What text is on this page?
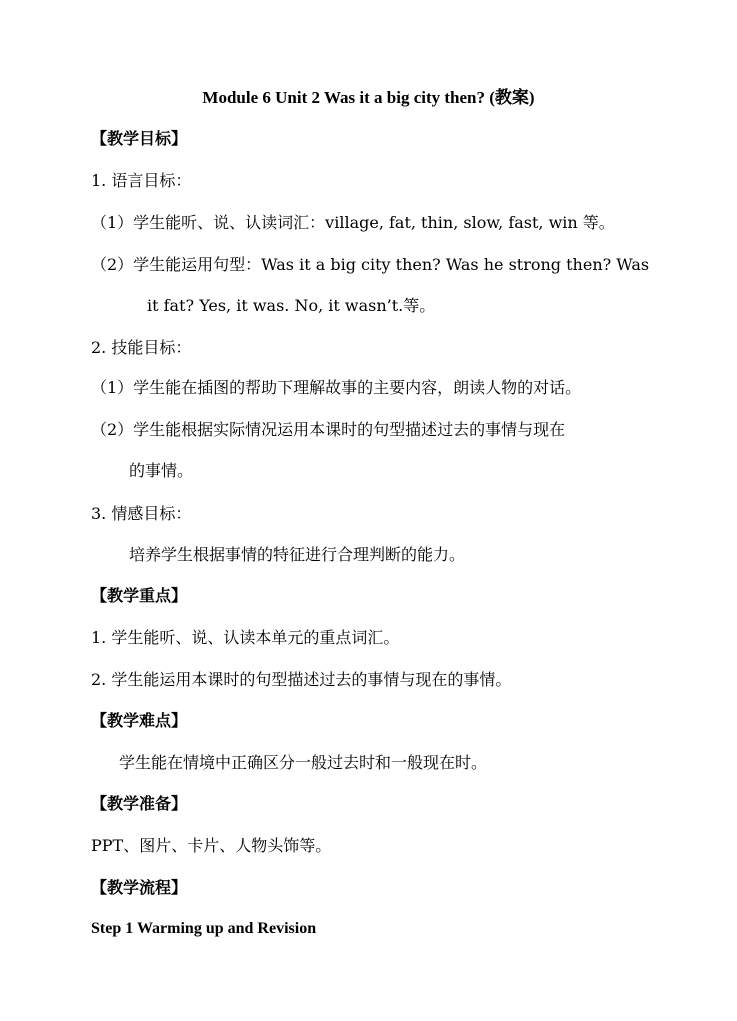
Module 6 Unit 2 Was it a big city then? (教案)
【教学目标】
1. 语言目标：
（1）学生能听、说、认读词汇：village, fat, thin, slow, fast, win 等。
（2）学生能运用句型：Was it a big city then? Was he strong then? Was
it fat? Yes, it was. No, it wasn’t.等。
2. 技能目标：
（1）学生能在插图的帮助下理解故事的主要内容，朗读人物的对话。
（2）学生能根据实际情况运用本课时的句型描述过去的事情与现在
的事情。
3. 情感目标：
培养学生根据事情的特征进行合理判断的能力。
【教学重点】
1. 学生能听、说、认读本单元的重点词汇。
2. 学生能运用本课时的句型描述过去的事情与现在的事情。
【教学难点】
学生能在情境中正确区分一般过去时和一般现在时。
【教学准备】
PPT、图片、卡片、人物头饰等。
【教学流程】
Step 1 Warming up and Revision
